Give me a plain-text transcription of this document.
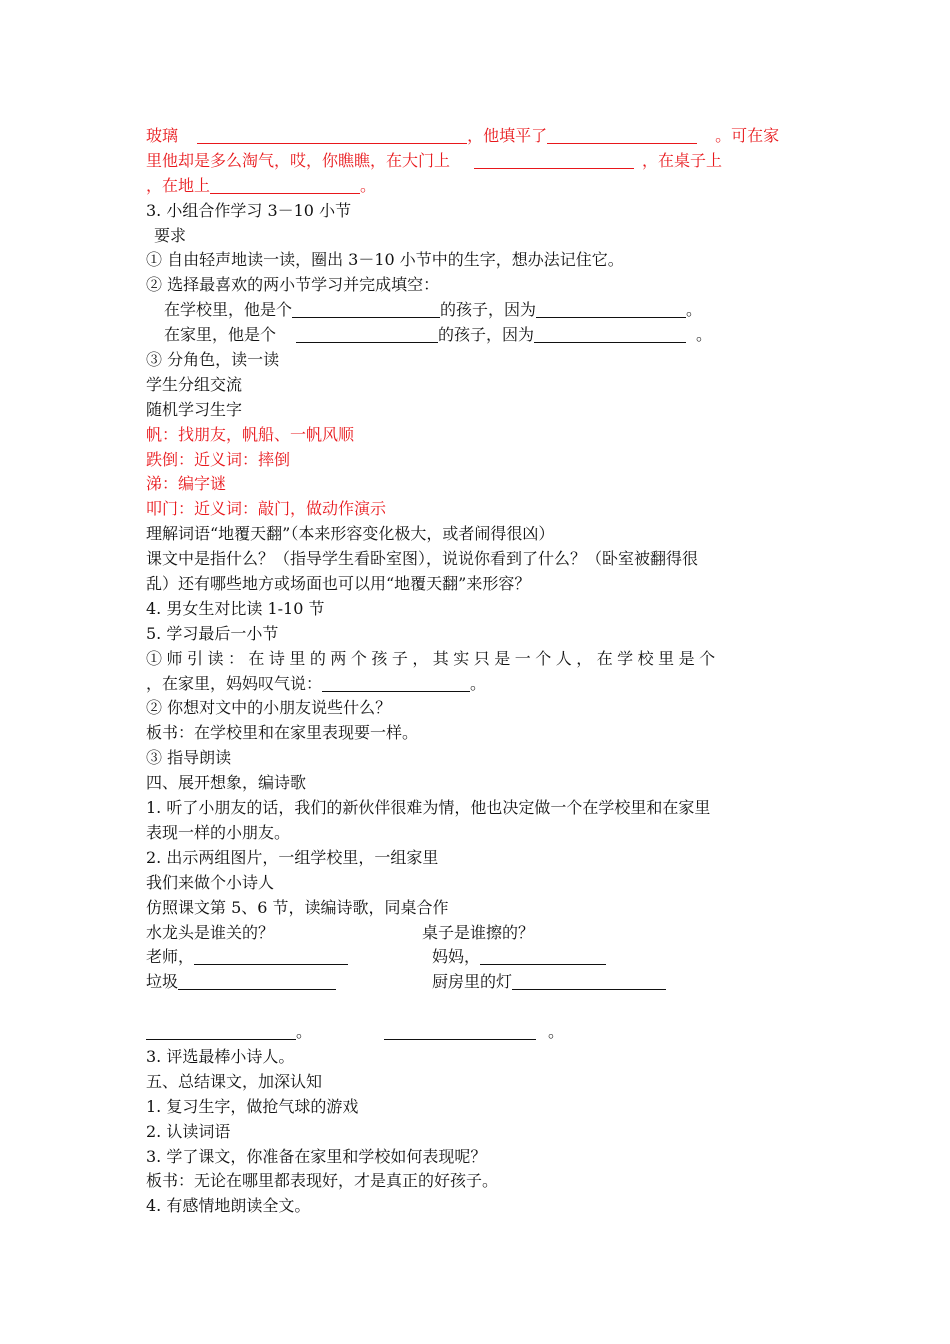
玻璃	，他填平了	。可在家
里他却是多么淘气，哎，你瞧瞧，在大门上	，在桌子上
，在地上	。
3. 小组合作学习 3－10 小节
要求
① 自由轻声地读一读，圈出 3－10 小节中的生字，想办法记住它。
② 选择最喜欢的两小节学习并完成填空：
在学校里，他是个	的孩子，因为	。
在家里，他是个	的孩子，因为	。
③ 分角色，读一读
学生分组交流
随机学习生字
帆：找朋友，帆船、一帆风顺
跌倒：近义词：摔倒
涕：编字谜
叩门：近义词：敲门，做动作演示
理解词语“地覆天翻”（本来形容变化极大，或者闹得很凶）
课文中是指什么？（指导学生看卧室图），说说你看到了什么？（卧室被翻得很
乱）还有哪些地方或场面也可以用“地覆天翻”来形容？
4. 男女生对比读 1-10 节
5. 学习最后一小节
① 师 引 读 ： 在 诗 里 的 两 个 孩 子 ， 其 实 只 是 一 个 人 ， 在 学 校 里 是 个
，在家里，妈妈叹气说：	。
② 你想对文中的小朋友说些什么？
板书：在学校里和在家里表现要一样。
③ 指导朗读
四、展开想象，编诗歌
1. 听了小朋友的话，我们的新伙伴很难为情，他也决定做一个在学校里和在家里
表现一样的小朋友。
2. 出示两组图片，一组学校里，一组家里
我们来做个小诗人
仿照课文第 5、6 节，读编诗歌，同桌合作
水龙头是谁关的？	桌子是谁擦的？
老师，	妈妈，
垃圾	厨房里的灯
。	。
3. 评选最棒小诗人。
五、总结课文，加深认知
1. 复习生字，做抢气球的游戏
2. 认读词语
3. 学了课文，你准备在家里和学校如何表现呢？
板书：无论在哪里都表现好，才是真正的好孩子。
4. 有感情地朗读全文。
